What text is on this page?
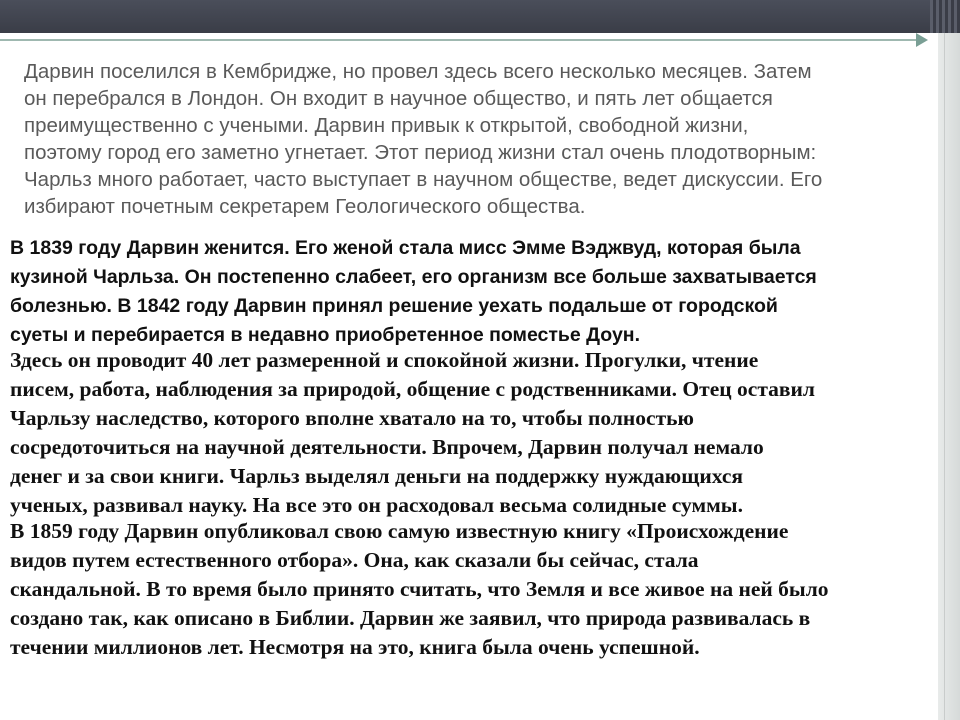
Дарвин поселился в Кембридже, но провел здесь всего несколько месяцев. Затем
он перебрался в Лондон. Он входит в научное общество, и пять лет общается
преимущественно с учеными. Дарвин привык к открытой, свободной жизни,
поэтому город его заметно угнетает. Этот период жизни стал очень плодотворным:
Чарльз много работает, часто выступает в научном обществе, ведет дискуссии. Его
избирают почетным секретарем Геологического общества.
В 1839 году Дарвин женится. Его женой стала мисс Эмме Вэджвуд, которая была
кузиной Чарльза. Он постепенно слабеет, его организм все больше захватывается
болезнью. В 1842 году Дарвин принял решение уехать подальше от городской
суеты и перебирается в недавно приобретенное поместье Доун.
Здесь он проводит 40 лет размеренной и спокойной жизни. Прогулки, чтение
писем, работа, наблюдения за природой, общение с родственниками. Отец оставил
Чарльзу наследство, которого вполне хватало на то, чтобы полностью
сосредоточиться на научной деятельности. Впрочем, Дарвин получал немало
денег и за свои книги. Чарльз выделял деньги на поддержку нуждающихся
ученых, развивал науку. На все это он расходовал весьма солидные суммы.
В 1859 году Дарвин опубликовал свою самую известную книгу «Происхождение
видов путем естественного отбора». Она, как сказали бы сейчас, стала
скандальной. В то время было принято считать, что Земля и все живое на ней было
создано так, как описано в Библии. Дарвин же заявил, что природа развивалась в
течении миллионов лет. Несмотря на это, книга была очень успешной.
